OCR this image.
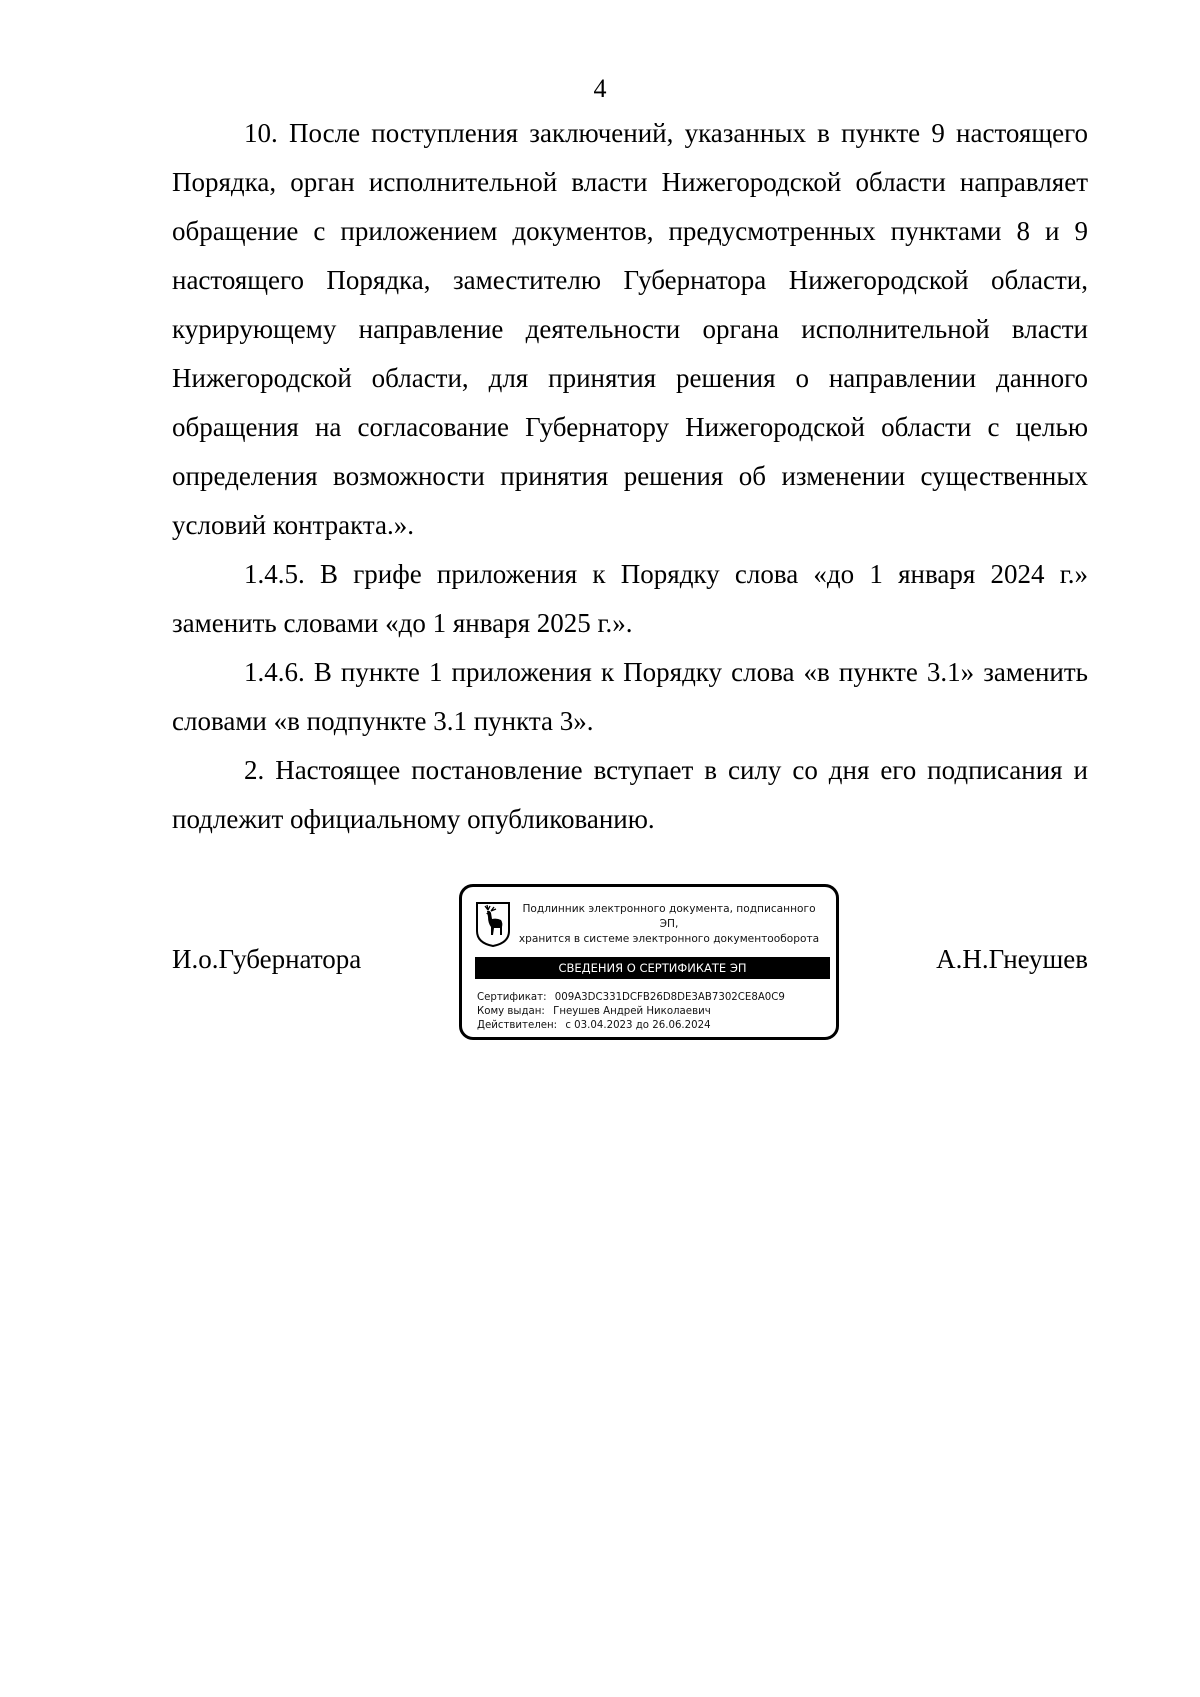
4

10. После поступления заключений, указанных в пункте 9 настоящего Порядка, орган исполнительной власти Нижегородской области направляет обращение с приложением документов, предусмотренных пунктами 8 и 9 настоящего Порядка, заместителю Губернатора Нижегородской области, курирующему направление деятельности органа исполнительной власти Нижегородской области, для принятия решения о направлении данного обращения на согласование Губернатору Нижегородской области с целью определения возможности принятия решения об изменении существенных условий контракта.».

1.4.5. В грифе приложения к Порядку слова «до 1 января 2024 г.» заменить словами «до 1 января 2025 г.».

1.4.6. В пункте 1 приложения к Порядку слова «в пункте 3.1» заменить словами «в подпункте 3.1 пункта 3».

2. Настоящее постановление вступает в силу со дня его подписания и подлежит официальному опубликованию.

И.о.Губернатора
Подлинник электронного документа, подписанного ЭП,
хранится в системе электронного документооборота
СВЕДЕНИЯ О СЕРТИФИКАТЕ ЭП
Сертификат: 009A3DC331DCFB26D8DE3AB7302CE8A0C9
Кому выдан: Гнеушев Андрей Николаевич
Действителен: с 03.04.2023 до 26.06.2024
А.Н.Гнеушев
